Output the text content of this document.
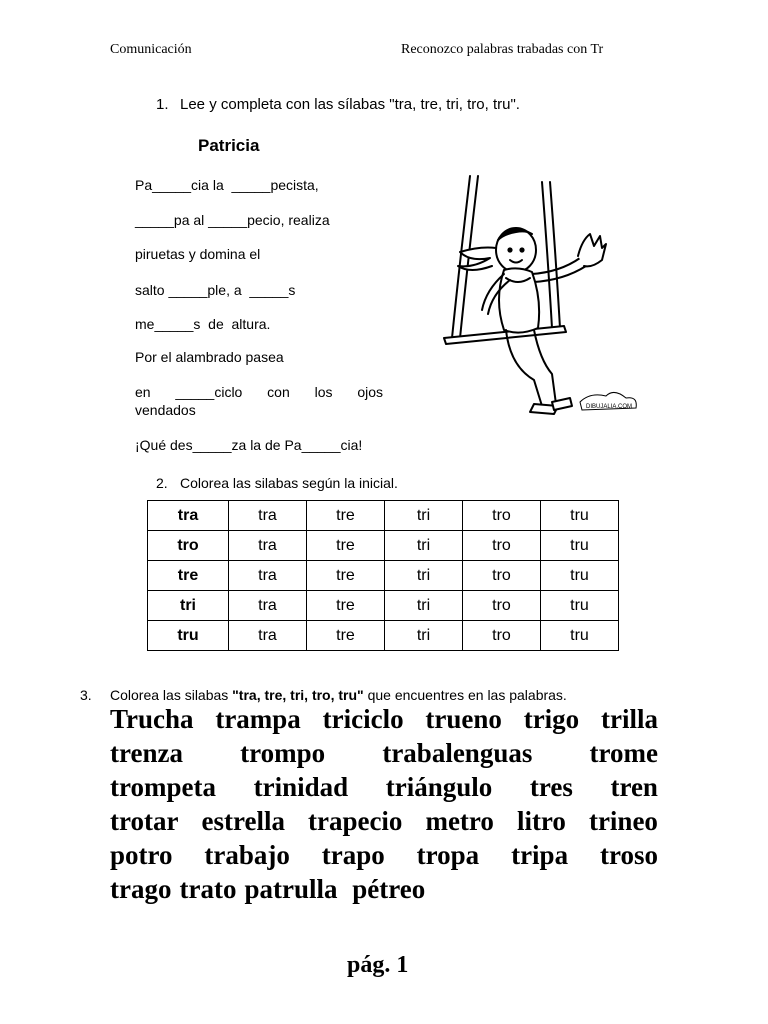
Comunicación	Reconozco palabras trabadas con Tr
1. Lee y completa con las sílabas "tra, tre, tri, tro, tru".
Patricia
Pa_____cia la  _____pecista,
_____pa al _____pecio, realiza
piruetas y domina el
salto _____ple, a  _____s
me_____s  de  altura.
Por el alambrado pasea
en _____ciclo con los ojos
vendados
¡Qué des_____za la de Pa_____cia!
DIBUJALIA.COM
2. Colorea las silabas según la inicial.
tra	tra	tre	tri	tro	tru
tro	tra	tre	tri	tro	tru
tre	tra	tre	tri	tro	tru
tri	tra	tre	tri	tro	tru
tru	tra	tre	tri	tro	tru
3. Colorea las silabas "tra, tre, tri, tro, tru" que encuentres en las palabras.
Trucha trampa triciclo trueno trigo trilla
trenza trompo trabalenguas trome
trompeta trinidad triángulo tres tren
trotar estrella trapecio metro litro trineo
potro trabajo trapo tropa tripa troso
trago trato patrulla pétreo
pág. 1
